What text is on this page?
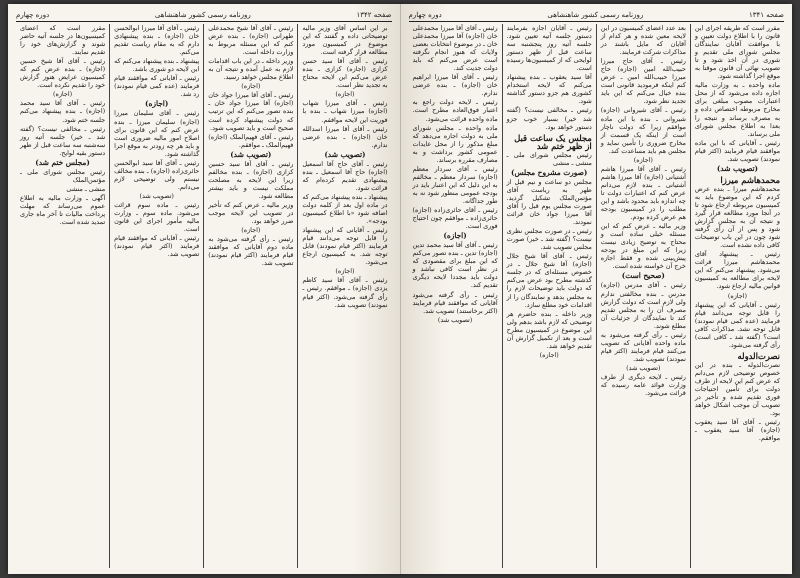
صفحه ۱۳۴۲
روزنامه رسمی کشور شاهنشاهی
دوره چهارم
بر این اساس آقای وزیر مالیه توضیحاتی داده و گفتند که این موضوع در کمیسیون مورد مطالعه قرار گرفته است.
رئیس ـ آقای آقا سید حسن کزازی (اجازه) کزازی ـ بنده عرض می‌کنم این لایحه محتاج به تجدید نظر است.
(اجازه)
رئیس ـ آقای میرزا شهاب (اجازه) میرزا شهاب ـ بنده با فوریت این لایحه موافقم.
رئیس ـ آقای آقا میرزا اسدالله خان (اجازه) ـ بنده عرضی ندارم.
(تصویب شد)
رئیس ـ آقای حاج آقا اسمعیل (اجازه) حاج آقا اسمعیل ـ بنده پیشنهادی تقدیم کرده‌ام که قرائت شود.
پیشنهاد ـ بنده پیشنهاد می‌کنم که در ماده اول بعد از کلمه دولت اضافه شود «با اطلاع کمیسیون بودجه».
رئیس ـ آقایانی که این پیشنهاد را قابل توجه می‌دانند قیام فرمایند (اکثر قیام نمودند) قابل توجه شد. به کمیسیون ارجاع می‌شود.
(اجازه)
رئیس ـ آقای آقا سید کاظم یزدی (اجازه) ـ موافقم. رئیس ـ رأی گرفته می‌شود. (اکثر قیام نمودند) تصویب شد.
رئیس ـ آقای آقا شیخ محمدعلی طهرانی (اجازه) ـ بنده عرض کنم که این مسئله مربوط به وزارت داخله است.
وزیر داخله ـ در این باب اقدامات لازم به عمل آمده و نتیجه آن به اطلاع مجلس خواهد رسید.
(اجازه)
رئیس ـ آقای آقا میرزا جواد خان (اجازه) آقا میرزا جواد خان ـ بنده تصور می‌کنم که این ترتیب که دولت پیشنهاد کرده است صحیح است و باید تصویب شود.
رئیس ـ آقای فهیم‌الملک (اجازه) فهیم‌الملک ـ موافقم.
(تصویب شد)
رئیس ـ آقای آقا سید حسین کزازی (اجازه) ـ بنده مخالفم زیرا این لایحه به مصلحت مملکت نیست و باید بیشتر مطالعه شود.
وزیر مالیه ـ عرض کنم که تأخیر در تصویب این لایحه موجب ضرر خواهد بود.
(اجازه)
رئیس ـ رأی گرفته می‌شود به ماده دوم آقایانی که موافقند قیام فرمایند (اکثر قیام نمودند) تصویب شد.
رئیس ـ آقای آقا میرزا ابوالحسن خان (اجازه) ـ بنده پیشنهادی دارم که به مقام ریاست تقدیم می‌کنم.
پیشنهاد ـ بنده پیشنهاد می‌کنم که این لایحه دو شوری باشد.
رئیس ـ آقایانی که موافقند قیام فرمایند (عده کمی قیام نمودند) رد شد.
(اجازه)
رئیس ـ آقای سلیمان میرزا (اجازه) سلیمان میرزا ـ بنده عرض کنم که این قانون برای اصلاح امور مالیه ضروری است و باید هر چه زودتر به موقع اجرا گذاشته شود.
رئیس ـ آقای آقا سید ابوالحسن حائری‌زاده (اجازه) ـ بنده مخالف نیستم ولی توضیحی لازم می‌دانم.
(تصویب شد)
رئیس ـ ماده سوم قرائت می‌شود. ماده سوم ـ وزارت مالیه مأمور اجرای این قانون است.
رئیس ـ آقایانی که موافقند قیام فرمایند (اکثر قیام نمودند) تصویب شد.
مقرر است که اعضای کمیسیون‌ها در جلسه آتیه حاضر شوند و گزارش‌های خود را تقدیم نمایند.
رئیس ـ آقای آقا شیخ حسین (اجازه) ـ بنده عرض کنم که کمیسیون عرایض هنوز گزارش خود را تقدیم نکرده است.
(اجازه)
رئیس ـ آقای آقا سید محمد (اجازه) ـ بنده پیشنهاد می‌کنم جلسه ختم شود.
رئیس ـ مخالفی نیست؟ (گفته شد ـ خیر) جلسه آتیه روز سه‌شنبه سه ساعت قبل از ظهر دستور بقیه لوایح.
(مجلس ختم شد)
رئیس مجلس شورای ملی ـ مؤتمن‌الملک
منشی ـ منشی
آگهی ـ وزارت مالیه به اطلاع عموم می‌رساند که مهلت پرداخت مالیات تا آخر ماه جاری تمدید شده است.
صفحه ۱۳۴۱
روزنامه رسمی کشور شاهنشاهی
دوره چهارم
مقرر است که طریقه اجرای این قانون را با اطلاع دولت تعیین و با موافقت آقایان نمایندگان مجلس شورای ملی تقدیم و شوری در آن اخذ شود و تا تصویب نهائی آن قانون موقتا به موقع اجرا گذاشته شود.
ماده واحده ـ به وزارت مالیه اجازه داده می‌شود که از محل اعتبارات مصوب مبلغی برای مخارج مربوطه اختصاص داده و به مصرف برساند و نتیجه را بعدا به اطلاع مجلس شورای ملی برساند.
رئیس ـ آقایانی که با این ماده موافقند قیام فرمایند (اکثر قیام نمودند) تصویب شد.
(تصویب شد)
محمدهاشم میرزا
محمدهاشم میرزا ـ بنده عرض کردم که این موضوع باید به کمیسیون مربوطه ارجاع شود تا در آنجا مورد مطالعه قرار گیرد و نتیجه آن به مجلس گزارش شود و پس از آن رأی گرفته شود چون در این باب توضیحات کافی داده نشده است.
رئیس ـ پیشنهاد آقای محمدهاشم میرزا قرائت می‌شود. پیشنهاد می‌کنم که این لایحه برای مطالعه به کمیسیون قوانین مالیه ارجاع شود.
(اجازه)
رئیس ـ آقایانی که این پیشنهاد را قابل توجه می‌دانند قیام فرمایند (عده کمی قیام نمودند) قابل توجه نشد. مذاکرات کافی است؟ (گفته شد ـ کافی است) رأی گرفته می‌شود.
نصرت‌الدوله
نصرت‌الدوله ـ بنده در این خصوص توضیحی لازم می‌دانم که عرض کنم این لایحه از طرف دولت برای تأمین احتیاجات فوری تقدیم شده و تأخیر در تصویب آن موجب اشکال خواهد بود.
رئیس ـ آقای آقا سید یعقوب (اجازه) آقا سید یعقوب ـ موافقم.
بعد عدد اعضای کمیسیون در این لایحه معین شده و هر کدام از آقایان که مایل باشند در مذاکرات شرکت فرمایند.
رئیس ـ آقای حاج میرزا حبیب‌الله امین (اجازه) حاج میرزا حبیب‌الله امین ـ عرض کنم اینکه فرمودید قانونی است بنده خیال می‌کنم که این باید تجدید نظر شود.
رئیس ـ آقای شیروانی (اجازه) شیروانی ـ بنده با این ماده موافقم زیرا که دولت ناچار است از اینکه یک قسمت از مخارج ضروری را تأمین نماید و مجلس هم باید مساعدت کند.
(اجازه)
رئیس ـ آقای آقا میرزا هاشم آشتیانی (اجازه) آقا میرزا هاشم آشتیانی ـ بنده لازم می‌دانم عرض کنم که اعتبارات دولت تا چه اندازه باید محدود باشد و این مطلب را در کمیسیون بودجه هم عرض کرده بودم.
وزیر مالیه ـ عرض کنم که این مسئله خیلی ساده است و محتاج به توضیح زیادی نیست زیرا که این مبلغ در بودجه پیش‌بینی شده و فقط اجازه خرج آن خواسته شده است.
(صحیح است)
رئیس ـ آقای مدرس (اجازه) مدرس ـ بنده مخالفتی ندارم ولی لازم است که دولت گزارش مصرف آن را به مجلس تقدیم کند تا نمایندگان از جزئیات آن مطلع شوند.
رئیس ـ رأی گرفته می‌شود به ماده واحده آقایانی که تصویب می‌کنند قیام فرمایند (اکثر قیام نمودند) تصویب شد.
(تصویب شد)
رئیس ـ لایحه دیگری از طرف وزارت فوائد عامه رسیده که قرائت می‌شود.
رئیس ـ آقایان اجازه بفرمایند دستور جلسه آتیه تعیین شود. جلسه آتیه روز پنجشنبه سه ساعت قبل از ظهر دستور لوایحی که از کمیسیون‌ها رسیده است.
آقا سید یعقوب ـ بنده پیشنهاد می‌کنم که لایحه استخدام کشوری هم جزو دستور گذاشته شود.
رئیس ـ مخالفی نیست؟ (گفته شد خیر) بسیار خوب جزو دستور خواهد بود.
مجلس یک ساعت قبل از ظهر ختم شد
رئیس مجلس شورای ملی ـ منشی ـ منشی
(صورت مشروح مجلس)
مجلس دو ساعت و نیم قبل از ظهر به ریاست آقای مؤتمن‌الملک تشکیل گردید. صورت مجلس یوم قبل را آقای آقا میرزا جواد خان قرائت نمودند.
رئیس ـ در صورت مجلس نظری نیست؟ (گفته شد ـ خیر) صورت مجلس تصویب شد.
رئیس ـ آقای آقا شیخ جلال (اجازه) آقا شیخ جلال ـ در خصوص مسئله‌ای که در جلسه گذشته مطرح بود عرض می‌کنم که دولت باید توضیحات لازم را به مجلس بدهد و نمایندگان را از اقدامات خود مطلع سازد.
وزیر داخله ـ بنده حاضرم هر توضیحی که لازم باشد بدهم ولی این موضوع در کمیسیون مطرح است و بعد از تکمیل گزارش آن تقدیم خواهد شد.
(اجازه)
رئیس ـ آقای آقا میرزا محمدعلی خان (اجازه) آقا میرزا محمدعلی خان ـ در موضوع انتخابات بعضی ولایات که هنوز انجام نگرفته است عرض می‌کنم که باید دولت جدیت کند.
رئیس ـ آقای آقا میرزا ابراهیم خان (اجازه) ـ بنده عرضی ندارم.
رئیس ـ لایحه دولت راجع به اعتبار فوق‌العاده مطرح است. ماده واحده قرائت می‌شود.
ماده واحده ـ مجلس شورای ملی به دولت اجازه می‌دهد که مبلغ مذکور را از محل عایدات عمومی کشور برداشت و به مصارف مقرره برساند.
رئیس ـ آقای سردار معظم (اجازه) سردار معظم ـ مخالفم به این دلیل که این اعتبار باید در بودجه عمومی منظور شود نه به طور جداگانه.
رئیس ـ آقای حائری‌زاده (اجازه) حائری‌زاده ـ موافقم چون احتیاج فوری است.
(اجازه)
رئیس ـ آقای آقا سید محمد تدین (اجازه) تدین ـ بنده تصور می‌کنم که این مبلغ برای مقصودی که در نظر است کافی نباشد و دولت باید مجددا لایحه دیگری تقدیم کند.
رئیس ـ رأی گرفته می‌شود آقایانی که موافقند قیام فرمایند (اکثر برخاستند) تصویب شد.
(تصویب شد)
